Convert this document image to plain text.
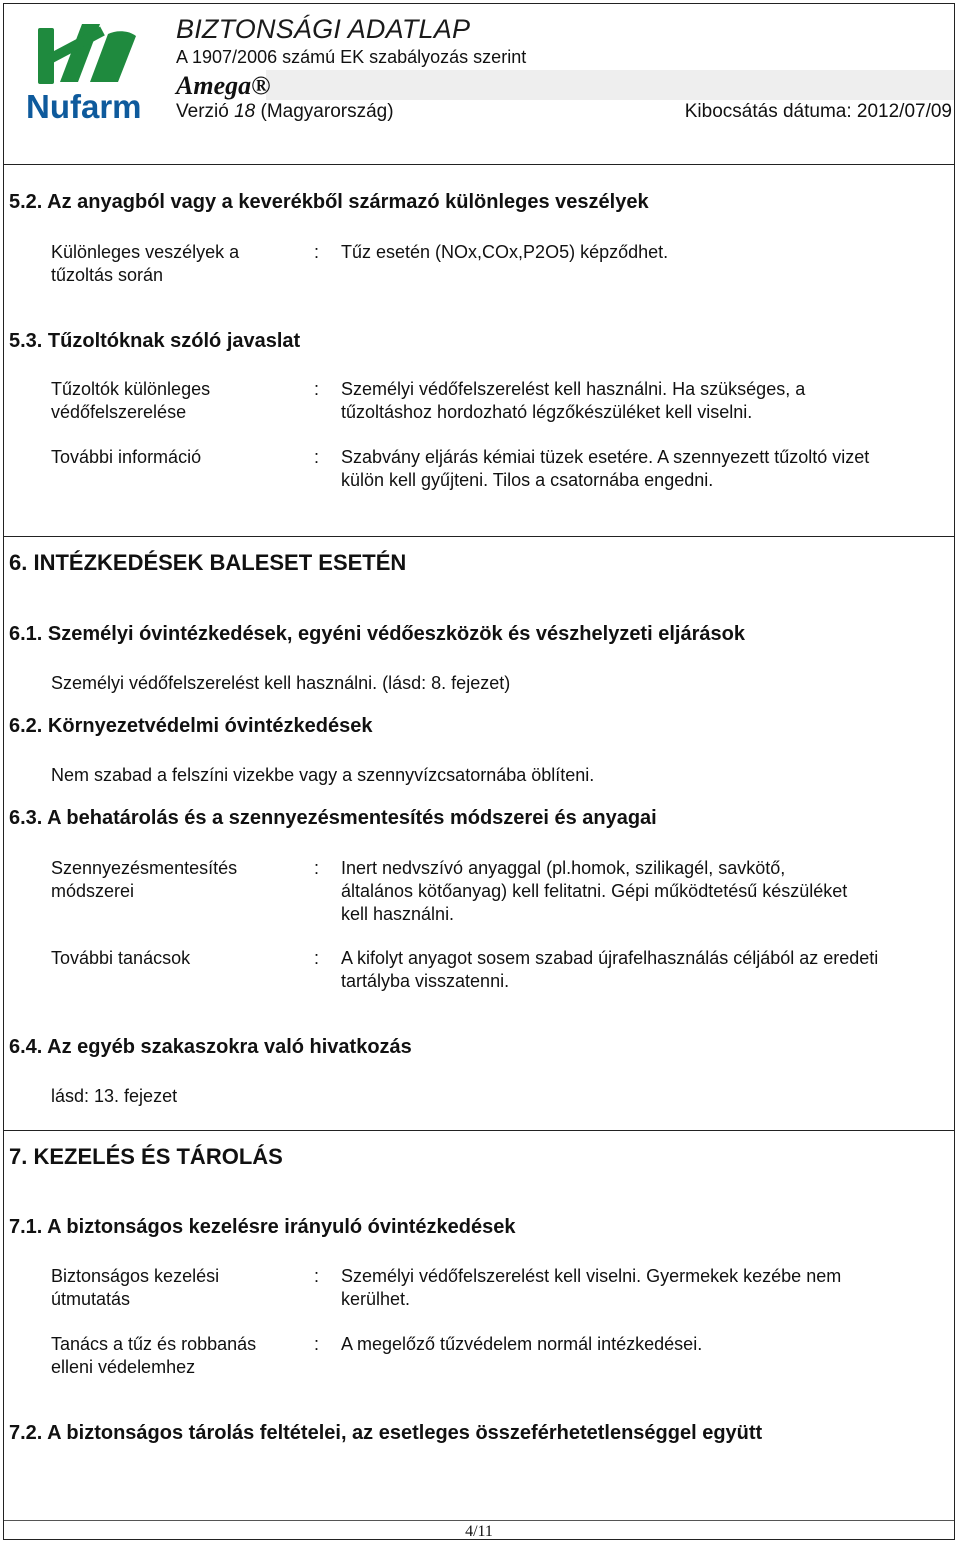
Nufarm
BIZTONSÁGI ADATLAP
A 1907/2006 számú EK szabályozás szerint
Amega®
Verzió 18 (Magyarország)	Kibocsátás dátuma: 2012/07/09
5.2. Az anyagból vagy a keverékből származó különleges veszélyek
Különleges veszélyek a tűzoltás során
: Tűz esetén (NOx,COx,P2O5) képződhet.
5.3. Tűzoltóknak szóló javaslat
Tűzoltók különleges védőfelszerelése
: Személyi védőfelszerelést kell használni. Ha szükséges, a tűzoltáshoz hordozható légzőkészüléket kell viselni.
További információ	: Szabvány eljárás kémiai tüzek esetére. A szennyezett tűzoltó vizet külön kell gyűjteni. Tilos a csatornába engedni.
6. INTÉZKEDÉSEK BALESET ESETÉN
6.1. Személyi óvintézkedések, egyéni védőeszközök és vészhelyzeti eljárások
Személyi védőfelszerelést kell használni. (lásd: 8. fejezet)
6.2. Környezetvédelmi óvintézkedések
Nem szabad a felszíni vizekbe vagy a szennyvízcsatornába öblíteni.
6.3. A behatárolás és a szennyezésmentesítés módszerei és anyagai
Szennyezésmentesítés módszerei
: Inert nedvszívó anyaggal (pl.homok, szilikagél, savkötő, általános kötőanyag) kell felitatni. Gépi működtetésű készüléket kell használni.
További tanácsok	: A kifolyt anyagot sosem szabad újrafelhasználás céljából az eredeti tartályba visszatenni.
6.4. Az egyéb szakaszokra való hivatkozás
lásd: 13. fejezet
7. KEZELÉS ÉS TÁROLÁS
7.1. A biztonságos kezelésre irányuló óvintézkedések
Biztonságos kezelési útmutatás
: Személyi védőfelszerelést kell viselni. Gyermekek kezébe nem kerülhet.
Tanács a tűz és robbanás elleni védelemhez
: A megelőző tűzvédelem normál intézkedései.
7.2. A biztonságos tárolás feltételei, az esetleges összeférhetetlenséggel együtt
4/11
